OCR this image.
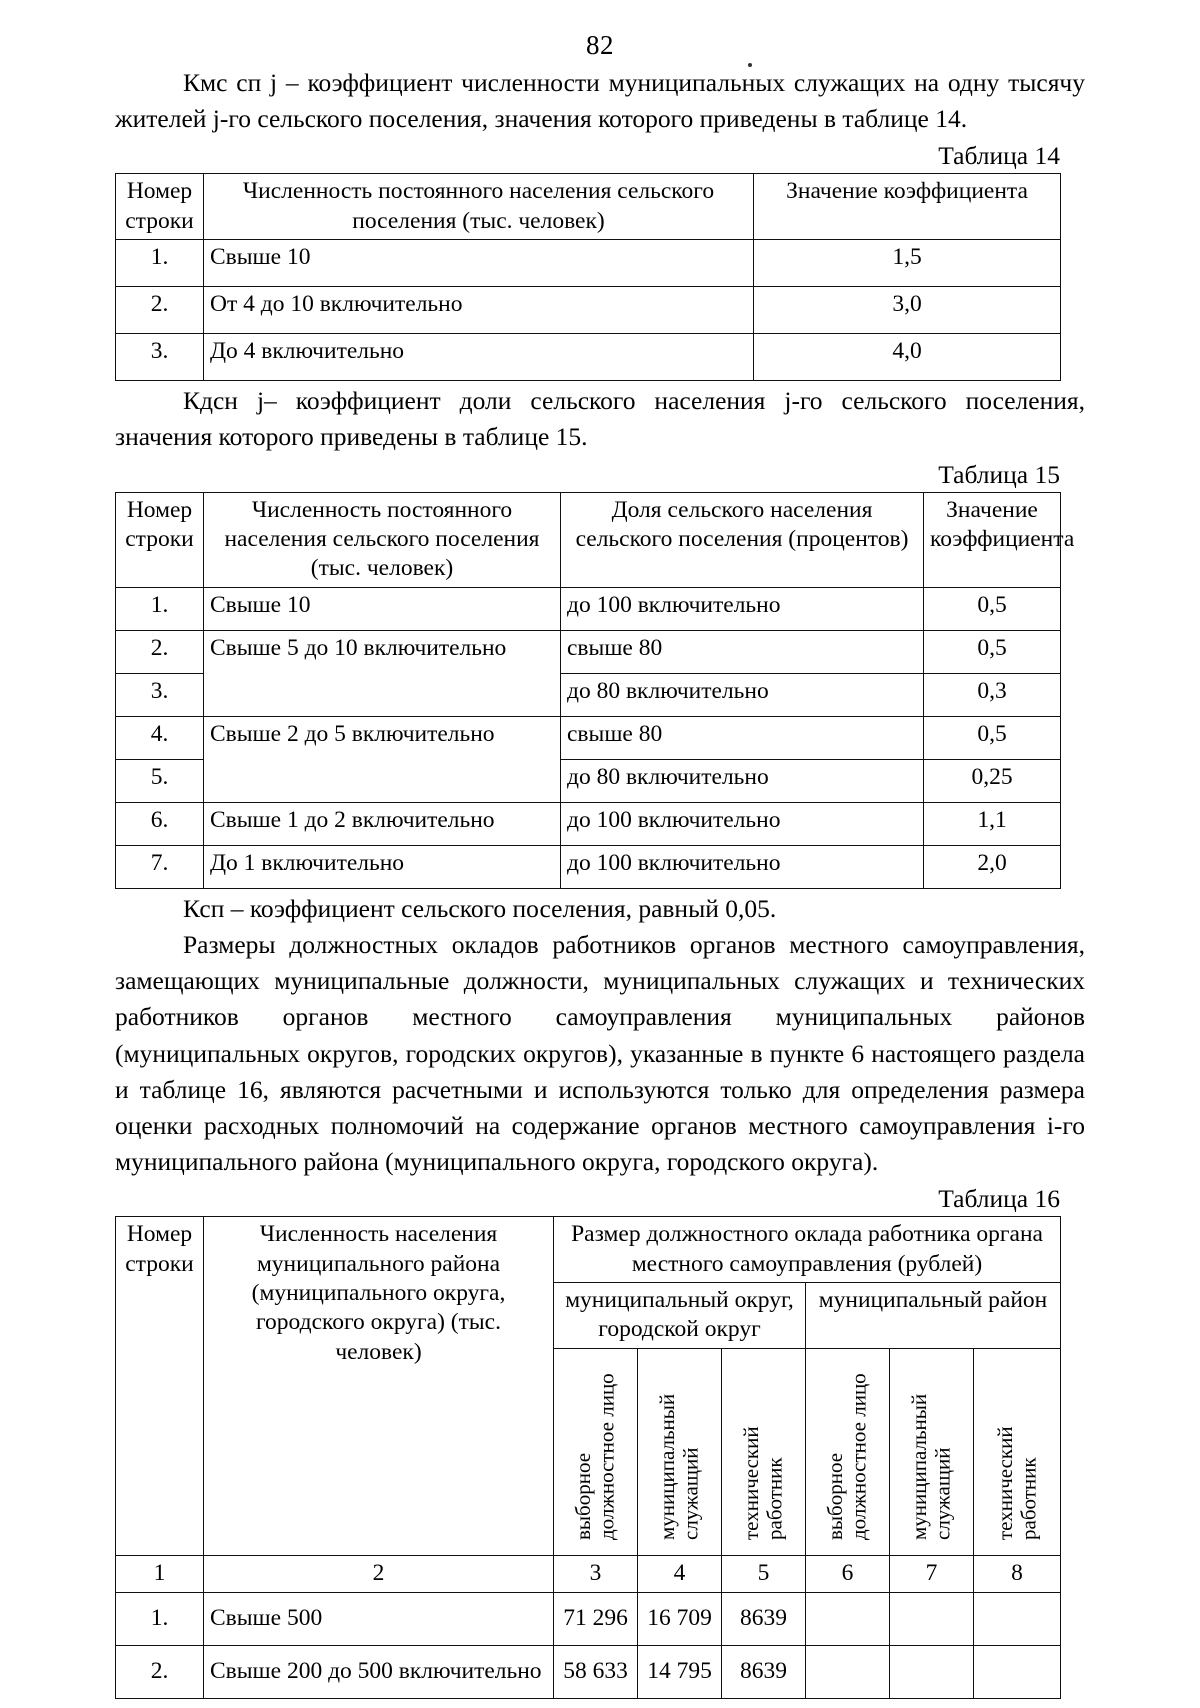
82

Кмс сп j – коэффициент численности муниципальных служащих на одну тысячу жителей j-го сельского поселения, значения которого приведены в таблице 14.

Таблица 14
Номер строки	Численность постоянного населения сельского поселения (тыс. человек)	Значение коэффициента
1.	Свыше 10	1,5
2.	От 4 до 10 включительно	3,0
3.	До 4 включительно	4,0

Кдсн j– коэффициент доли сельского населения j-го сельского поселения, значения которого приведены в таблице 15.

Таблица 15
Номер строки	Численность постоянного населения сельского поселения (тыс. человек)	Доля сельского населения сельского поселения (процентов)	Значение коэффициента
1.	Свыше 10	до 100 включительно	0,5
2.	Свыше 5 до 10 включительно	свыше 80	0,5
3.		до 80 включительно	0,3
4.	Свыше 2 до 5 включительно	свыше 80	0,5
5.		до 80 включительно	0,25
6.	Свыше 1 до 2 включительно	до 100 включительно	1,1
7.	До 1 включительно	до 100 включительно	2,0

Ксп – коэффициент сельского поселения, равный 0,05.

Размеры должностных окладов работников органов местного самоуправления, замещающих муниципальные должности, муниципальных служащих и технических работников органов местного самоуправления муниципальных районов (муниципальных округов, городских округов), указанные в пункте 6 настоящего раздела и таблице 16, являются расчетными и используются только для определения размера оценки расходных полномочий на содержание органов местного самоуправления i-го муниципального района (муниципального округа, городского округа).

Таблица 16
Номер строки	Численность населения муниципального района (муниципального округа, городского округа) (тыс. человек)	Размер должностного оклада работника органа местного самоуправления (рублей)					
		муниципальный округ, городской округ			муниципальный район		
		выборное должностное лицо	муниципальный служащий	технический работник	выборное должностное лицо	муниципальный служащий	технический работник
1	2	3	4	5	6	7	8
1.	Свыше 500	71 296	16 709	8639			
2.	Свыше 200 до 500 включительно	58 633	14 795	8639			
